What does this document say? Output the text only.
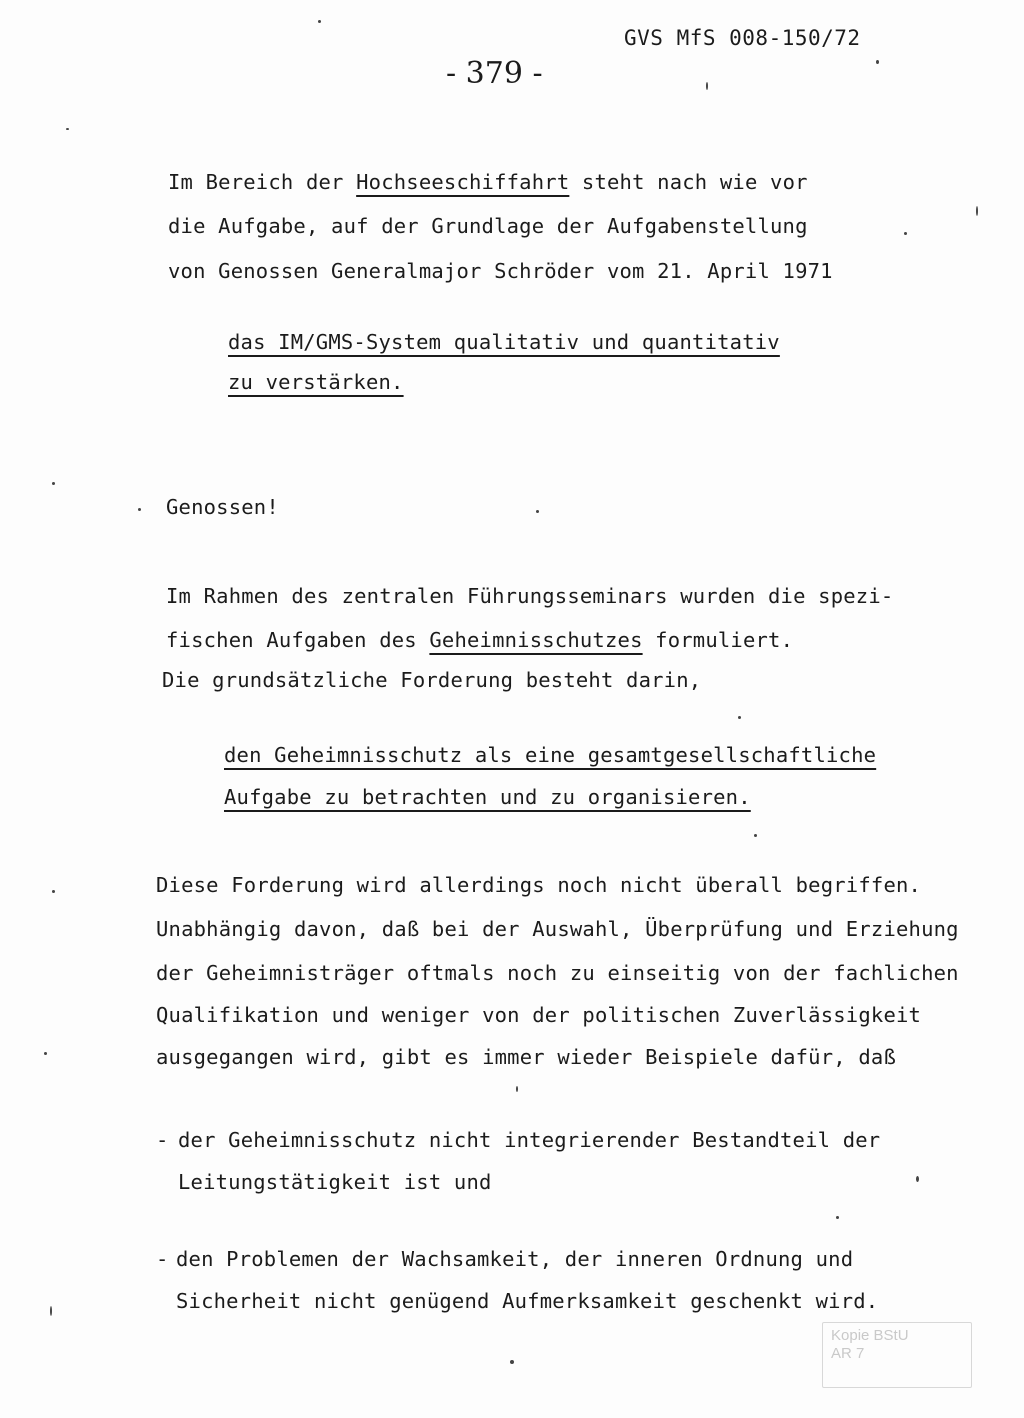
GVS MfS 008-150/72
- 379 -
Im Bereich der Hochseeschiffahrt steht nach wie vor
die Aufgabe, auf der Grundlage der Aufgabenstellung
von Genossen Generalmajor Schröder vom 21. April 1971
das IM/GMS-System qualitativ und quantitativ
zu verstärken.
Genossen!
Im Rahmen des zentralen Führungsseminars wurden die spezi-
fischen Aufgaben des Geheimnisschutzes formuliert.
Die grundsätzliche Forderung besteht darin,
den Geheimnisschutz als eine gesamtgesellschaftliche
Aufgabe zu betrachten und zu organisieren.
Diese Forderung wird allerdings noch nicht überall begriffen.
Unabhängig davon, daß bei der Auswahl, Überprüfung und Erziehung
der Geheimnisträger oftmals noch zu einseitig von der fachlichen
Qualifikation und weniger von der politischen Zuverlässigkeit
ausgegangen wird, gibt es immer wieder Beispiele dafür, daß
- der Geheimnisschutz nicht integrierender Bestandteil der
Leitungstätigkeit ist und
- den Problemen der Wachsamkeit, der inneren Ordnung und
Sicherheit nicht genügend Aufmerksamkeit geschenkt wird.
Kopie BStU
AR 7
